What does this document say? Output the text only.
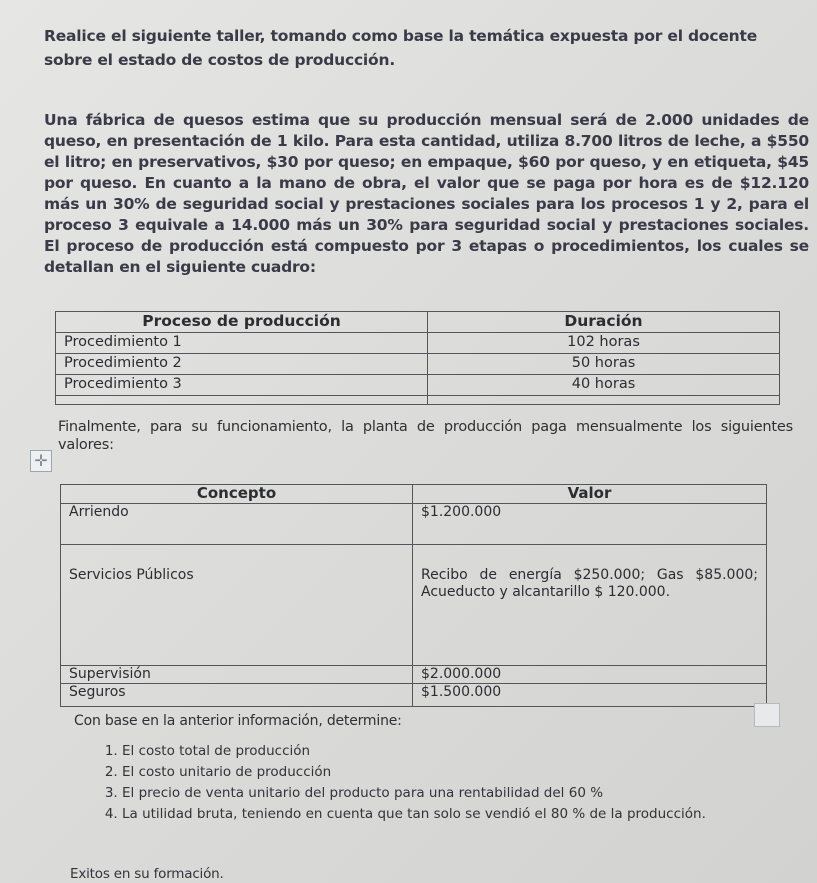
Realice el siguiente taller, tomando como base la temática expuesta por el docente sobre el estado de costos de producción.

Una fábrica de quesos estima que su producción mensual será de 2.000 unidades de queso, en presentación de 1 kilo. Para esta cantidad, utiliza 8.700 litros de leche, a $550 el litro; en preservativos, $30 por queso; en empaque, $60 por queso, y en etiqueta, $45 por queso. En cuanto a la mano de obra, el valor que se paga por hora es de $12.120 más un 30% de seguridad social y prestaciones sociales para los procesos 1 y 2, para el proceso 3 equivale a 14.000 más un 30% para seguridad social y prestaciones sociales. El proceso de producción está compuesto por 3 etapas o procedimientos, los cuales se detallan en el siguiente cuadro:

Proceso de producción	Duración
Procedimiento 1	102 horas
Procedimiento 2	50 horas
Procedimiento 3	40 horas

Finalmente, para su funcionamiento, la planta de producción paga mensualmente los siguientes valores:

✛
Concepto	Valor
Arriendo	$1.200.000
Servicios Públicos	Recibo de energía $250.000; Gas $85.000; Acueducto y alcantarillo $ 120.000.
Supervisión	$2.000.000
Seguros	$1.500.000

Con base en la anterior información, determine:

1. El costo total de producción
2. El costo unitario de producción
3. El precio de venta unitario del producto para una rentabilidad del 60 %
4. La utilidad bruta, teniendo en cuenta que tan solo se vendió el 80 % de la producción.

Exitos en su formación.
